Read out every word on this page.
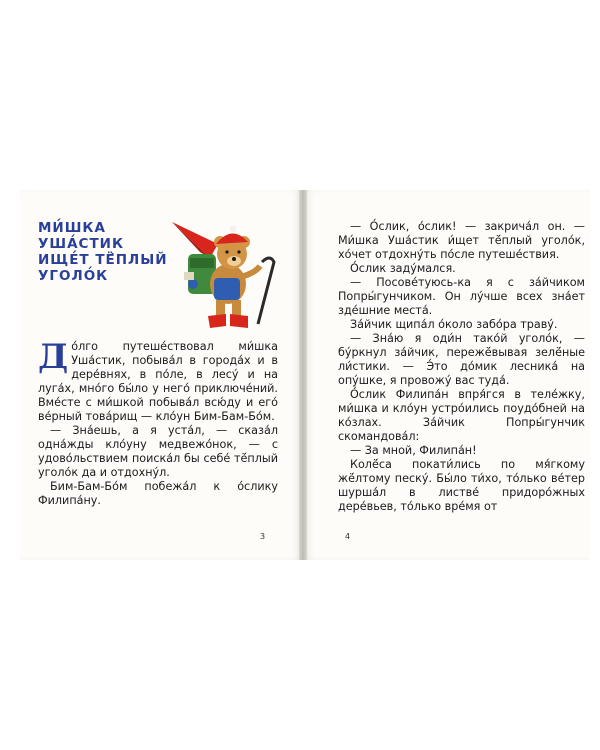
МИ́ШКА УША́СТИК
ИЩЕ́Т ТЁ́ПЛЫЙ
УГОЛО́К

До́лго путеше́ствовал ми́шка Уша́стик, побыва́л в города́х и в дере́внях, в по́ле, в лесу́ и на луга́х, мно́го бы́ло у него́ приключе́ний. Вме́сте с ми́шкой побыва́л всю́ду и его́ ве́рный това́рищ — кло́ун Бим-Бам-Бо́м.

— Зна́ешь, а я уста́л, — сказа́л одна́жды кло́уну медвежо́нок, — с удово́льствием поиска́л бы себе́ тё́плый уголо́к да и отдохну́л.

Бим-Бам-Бо́м побежа́л к о́слику Филипа́ну.

3	4

— О́слик, о́слик! — закрича́л он. — Ми́шка Уша́стик и́щет тё́плый уголо́к, хо́чет отдохну́ть по́сле путеше́ствия.

О́слик заду́мался.

— Посове́туюсь-ка я с за́йчиком Попры́гунчиком. Он лу́чше всех зна́ет зде́шние места́.

За́йчик щипа́л о́коло забо́ра траву́.

— Зна́ю я оди́н тако́й уголо́к, — бу́ркнул за́йчик, пережё́вывая зелё́ные ли́стики. — Э́то до́мик лесника́ на опу́шке, я провожу́ вас туда́.

О́слик Филипа́н впря́гся в теле́жку, ми́шка и кло́ун устро́ились поудо́бней на ко́злах. За́йчик Попры́гунчик скомандова́л:

— За мной, Филипа́н!

Колё́са покати́лись по мя́гкому жё́лтому песку́. Бы́ло ти́хо, то́лько ве́тер шурша́л в листве́ придоро́жных дере́вьев, то́лько вре́мя от
